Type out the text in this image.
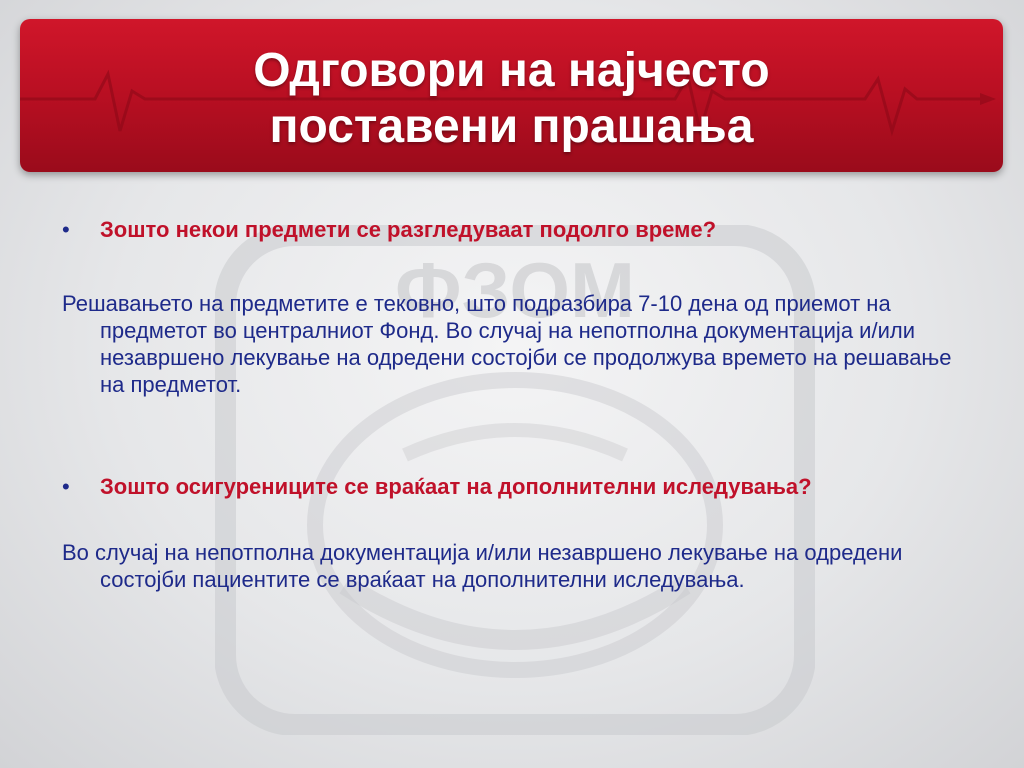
ФЗОМ
Одговори на најчесто
поставени прашања

• Зошто некои предмети се разгледуваат подолго време?

Решавањето на предметите е тековно, што подразбира 7-10 дена од приемот на предметот во централниот Фонд. Во случај на непотполна документација и/или незавршено лекување на одредени состојби се продолжува времето на решавање на предметот.

• Зошто осигурениците се враќаат на дополнителни иследувања?

Во случај на непотполна документација и/или незавршено лекување на одредени состојби пациентите се враќаат на дополнителни иследувања.
